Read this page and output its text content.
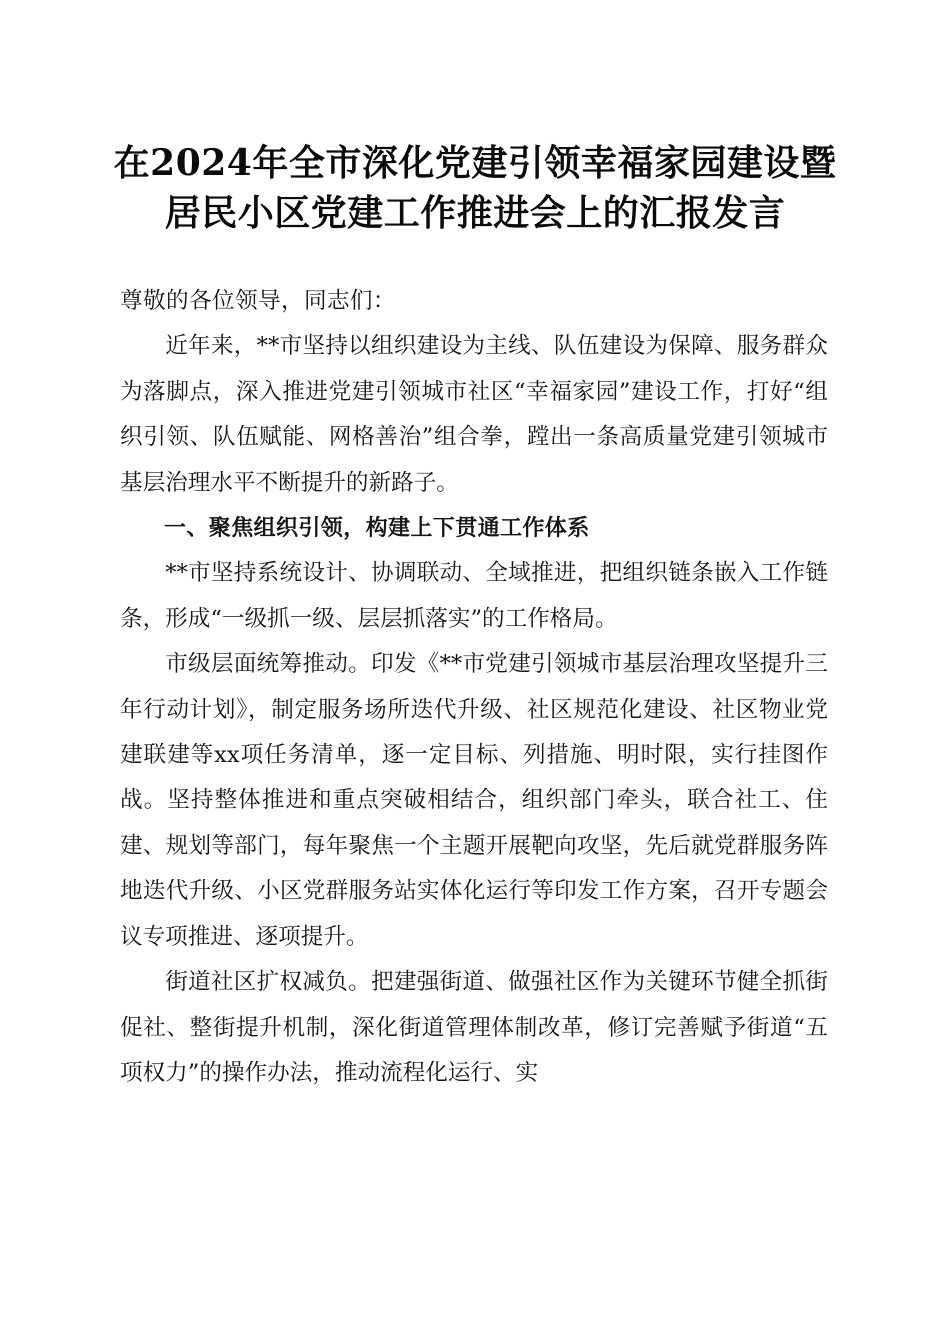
在2024年全市深化党建引领幸福家园建设暨
居民小区党建工作推进会上的汇报发言

尊敬的各位领导，同志们：

近年来，**市坚持以组织建设为主线、队伍建设为保障、服务群众为落脚点，深入推进党建引领城市社区“幸福家园”建设工作，打好“组织引领、队伍赋能、网格善治”组合拳，蹚出一条高质量党建引领城市基层治理水平不断提升的新路子。

一、聚焦组织引领，构建上下贯通工作体系

**市坚持系统设计、协调联动、全域推进，把组织链条嵌入工作链条，形成“一级抓一级、层层抓落实”的工作格局。

市级层面统筹推动。印发《**市党建引领城市基层治理攻坚提升三年行动计划》，制定服务场所迭代升级、社区规范化建设、社区物业党建联建等xx项任务清单，逐一定目标、列措施、明时限，实行挂图作战。坚持整体推进和重点突破相结合，组织部门牵头，联合社工、住建、规划等部门，每年聚焦一个主题开展靶向攻坚，先后就党群服务阵地迭代升级、小区党群服务站实体化运行等印发工作方案，召开专题会议专项推进、逐项提升。

街道社区扩权减负。把建强街道、做强社区作为关键环节健全抓街促社、整街提升机制，深化街道管理体制改革，修订完善赋予街道“五项权力”的操作办法，推动流程化运行、实
